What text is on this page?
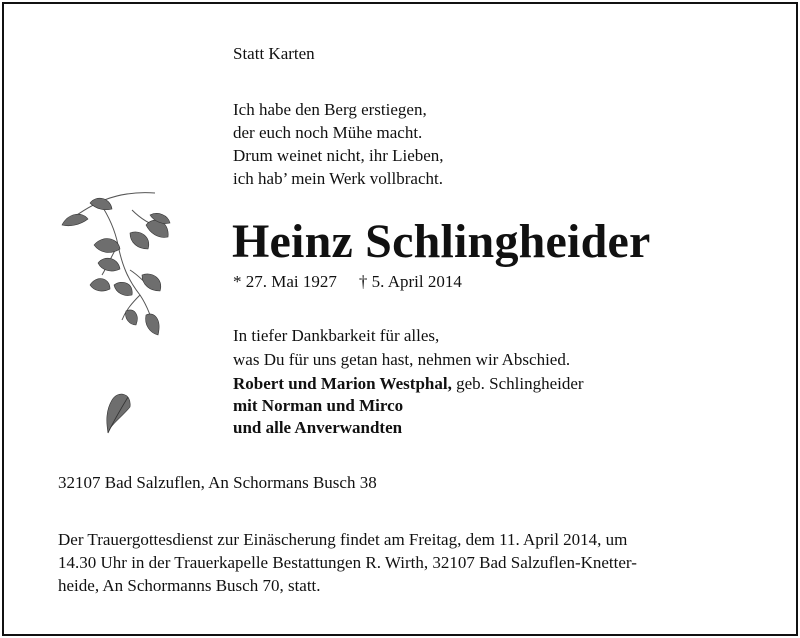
Statt Karten
Ich habe den Berg erstiegen,
der euch noch Mühe macht.
Drum weinet nicht, ihr Lieben,
ich hab’ mein Werk vollbracht.
Heinz Schlingheider
* 27. Mai 1927 † 5. April 2014
In tiefer Dankbarkeit für alles,
was Du für uns getan hast, nehmen wir Abschied.
Robert und Marion Westphal, geb. Schlingheider
mit Norman und Mirco
und alle Anverwandten
32107 Bad Salzuflen, An Schormans Busch 38
Der Trauergottesdienst zur Einäscherung findet am Freitag, dem 11. April 2014, um
14.30 Uhr in der Trauerkapelle Bestattungen R. Wirth, 32107 Bad Salzuflen-Knetter-
heide, An Schormanns Busch 70, statt.
